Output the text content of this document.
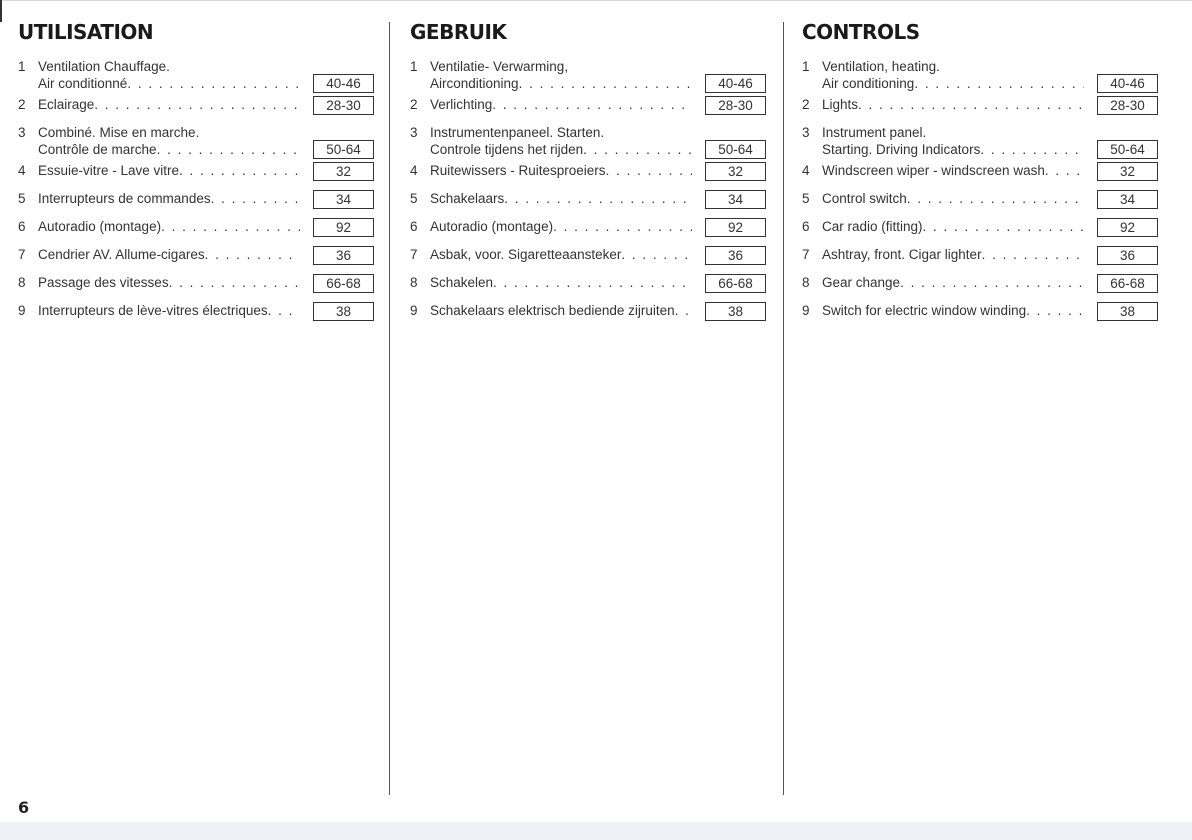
UTILISATION
1 Ventilation Chauffage.
Air conditionné . . .	40-46
2 Eclairage . . .	28-30
3 Combiné. Mise en marche.
Contrôle de marche . . .	50-64
4 Essuie-vitre - Lave vitre . . .	32
5 Interrupteurs de commandes . . .	34
6 Autoradio (montage) . . .	92
7 Cendrier AV. Allume-cigares . . .	36
8 Passage des vitesses . . .	66-68
9 Interrupteurs de lève-vitres électriques . . .	38
GEBRUIK
1 Ventilatie- Verwarming,
Airconditioning . . .	40-46
2 Verlichting . . .	28-30
3 Instrumentenpaneel. Starten.
Controle tijdens het rijden . . .	50-64
4 Ruitewissers - Ruitesproeiers . . .	32
5 Schakelaars . . .	34
6 Autoradio (montage) . . .	92
7 Asbak, voor. Sigaretteaansteker . . .	36
8 Schakelen . . .	66-68
9 Schakelaars elektrisch bediende zijruiten . . .	38
CONTROLS
1 Ventilation, heating.
Air conditioning . . .	40-46
2 Lights . . .	28-30
3 Instrument panel.
Starting. Driving Indicators . . .	50-64
4 Windscreen wiper - windscreen wash . . .	32
5 Control switch . . .	34
6 Car radio (fitting) . . .	92
7 Ashtray, front. Cigar lighter . . .	36
8 Gear change . . .	66-68
9 Switch for electric window winding . . .	38
6
